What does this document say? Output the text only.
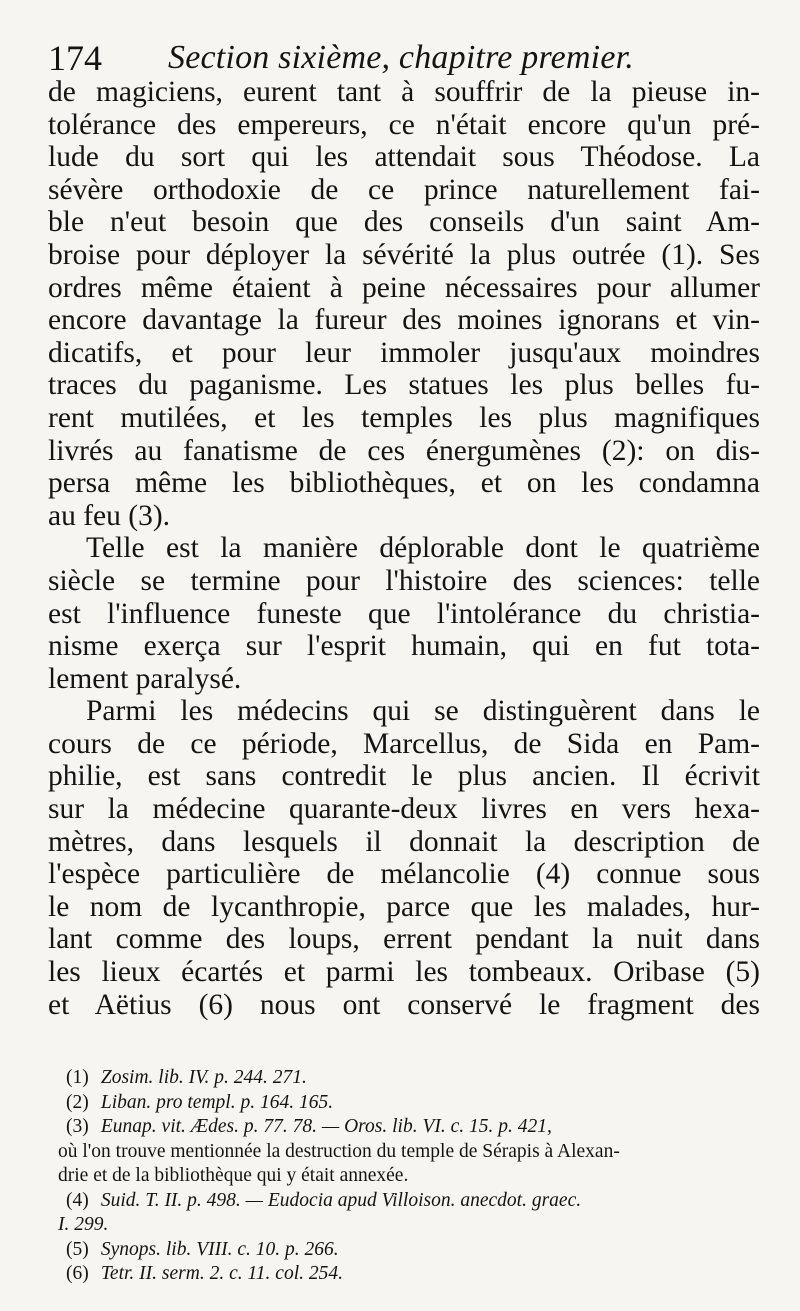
174 Section sixième, chapitre premier.
de magiciens, eurent tant à souffrir de la pieuse in-
tolérance des empereurs, ce n'était encore qu'un pré-
lude du sort qui les attendait sous Théodose. La
sévère orthodoxie de ce prince naturellement fai-
ble n'eut besoin que des conseils d'un saint Am-
broise pour déployer la sévérité la plus outrée (1). Ses
ordres même étaient à peine nécessaires pour allumer
encore davantage la fureur des moines ignorans et vin-
dicatifs, et pour leur immoler jusqu'aux moindres
traces du paganisme. Les statues les plus belles fu-
rent mutilées, et les temples les plus magnifiques
livrés au fanatisme de ces énergumènes (2): on dis-
persa même les bibliothèques, et on les condamna
au feu (3).
Telle est la manière déplorable dont le quatrième
siècle se termine pour l'histoire des sciences: telle
est l'influence funeste que l'intolérance du christia-
nisme exerça sur l'esprit humain, qui en fut tota-
lement paralysé.
Parmi les médecins qui se distinguèrent dans le
cours de ce période, Marcellus, de Sida en Pam-
philie, est sans contredit le plus ancien. Il écrivit
sur la médecine quarante-deux livres en vers hexa-
mètres, dans lesquels il donnait la description de
l'espèce particulière de mélancolie (4) connue sous
le nom de lycanthropie, parce que les malades, hur-
lant comme des loups, errent pendant la nuit dans
les lieux écartés et parmi les tombeaux. Oribase (5)
et Aëtius (6) nous ont conservé le fragment des
(1) Zosim. lib. IV. p. 244. 271.
(2) Liban. pro templ. p. 164. 165.
(3) Eunap. vit. Ædes. p. 77. 78. — Oros. lib. VI. c. 15. p. 421,
où l'on trouve mentionnée la destruction du temple de Sérapis à Alexan-
drie et de la bibliothèque qui y était annexée.
(4) Suid. T. II. p. 498. — Eudocia apud Villoison. anecdot. graec.
I. 299.
(5) Synops. lib. VIII. c. 10. p. 266.
(6) Tetr. II. serm. 2. c. 11. col. 254.
